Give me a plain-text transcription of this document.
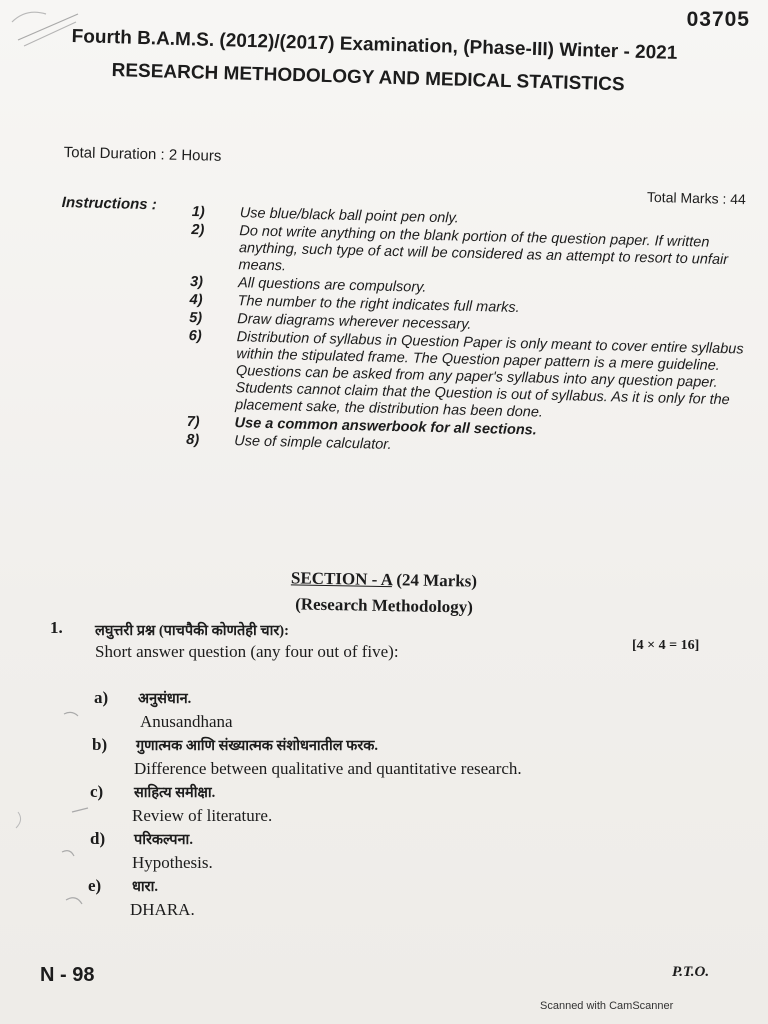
03705
Fourth B.A.M.S. (2012)/(2017) Examination, (Phase-III) Winter - 2021
RESEARCH METHODOLOGY AND MEDICAL STATISTICS
Total Duration : 2 Hours
Total Marks : 44
Instructions : 1)	Use blue/black ball point pen only.
2)	Do not write anything on the blank portion of the question paper. If written anything, such type of act will be considered as an attempt to resort to unfair means.
3)	All questions are compulsory.
4)	The number to the right indicates full marks.
5)	Draw diagrams wherever necessary.
6)	Distribution of syllabus in Question Paper is only meant to cover entire syllabus within the stipulated frame. The Question paper pattern is a mere guideline. Questions can be asked from any paper's syllabus into any question paper. Students cannot claim that the Question is out of syllabus. As it is only for the placement sake, the distribution has been done.
7)	Use a common answerbook for all sections.
8)	Use of simple calculator.
SECTION - A (24 Marks)
(Research Methodology)
1. लघुत्तरी प्रश्न (पाचपैकी कोणतेही चार):
Short answer question (any four out of five):	[4 × 4 = 16]
a) अनुसंधान.
Anusandhana
b) गुणात्मक आणि संख्यात्मक संशोधनातील फरक.
Difference between qualitative and quantitative research.
c) साहित्य समीक्षा.
Review of literature.
d) परिकल्पना.
Hypothesis.
e) धारा.
DHARA.
N - 98	P.T.O.
Scanned with CamScanner
